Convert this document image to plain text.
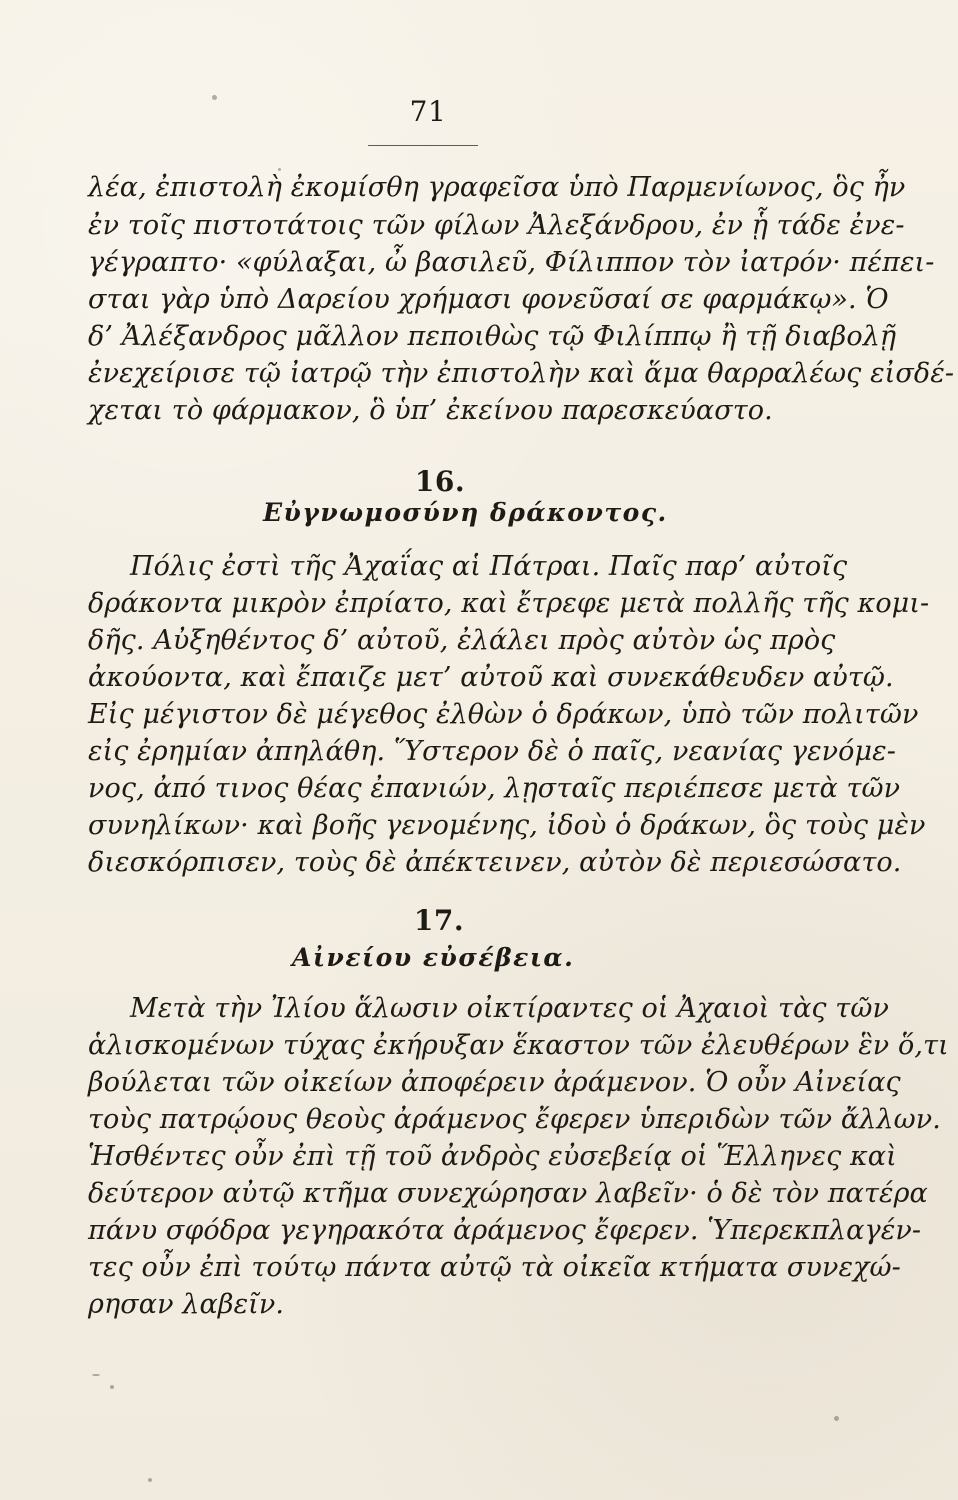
71
λέα, ἐπιστολὴ ἐκομίσθη γραφεῖσα ὑπὸ Παρμενίωνος, ὃς ἦν
ἐν τοῖς πιστοτάτοις τῶν φίλων Ἀλεξάνδρου, ἐν ᾗ τάδε ἐνε-
γέγραπτο· «φύλαξαι, ὦ βασιλεῦ, Φίλιππον τὸν ἰατρόν· πέπει-
σται γὰρ ὑπὸ Δαρείου χρήμασι φονεῦσαί σε φαρμάκῳ». Ὁ
δ’ Ἀλέξανδρος μᾶλλον πεποιθὼς τῷ Φιλίππῳ ἢ τῇ διαβολῇ
ἐνεχείρισε τῷ ἰατρῷ τὴν ἐπιστολὴν καὶ ἅμα θαρραλέως εἰσδέ-
χεται τὸ φάρμακον, ὃ ὑπ’ ἐκείνου παρεσκεύαστο.
16.
Εὐγνωμοσύνη δράκοντος.
Πόλις ἐστὶ τῆς Ἀχαΐας αἱ Πάτραι. Παῖς παρ’ αὐτοῖς
δράκοντα μικρὸν ἐπρίατο, καὶ ἔτρεφε μετὰ πολλῆς τῆς κομι-
δῆς. Αὐξηθέντος δ’ αὐτοῦ, ἐλάλει πρὸς αὐτὸν ὡς πρὸς
ἀκούοντα, καὶ ἔπαιζε μετ’ αὐτοῦ καὶ συνεκάθευδεν αὐτῷ.
Εἰς μέγιστον δὲ μέγεθος ἐλθὼν ὁ δράκων, ὑπὸ τῶν πολιτῶν
εἰς ἐρημίαν ἀπηλάθη. Ὕστερον δὲ ὁ παῖς, νεανίας γενόμε-
νος, ἀπό τινος θέας ἐπανιών, λῃσταῖς περιέπεσε μετὰ τῶν
συνηλίκων· καὶ βοῆς γενομένης, ἰδοὺ ὁ δράκων, ὃς τοὺς μὲν
διεσκόρπισεν, τοὺς δὲ ἀπέκτεινεν, αὐτὸν δὲ περιεσώσατο.
17.
Αἰνείου εὐσέβεια.
Μετὰ τὴν Ἰλίου ἅλωσιν οἰκτίραντες οἱ Ἀχαιοὶ τὰς τῶν
ἁλισκομένων τύχας ἐκήρυξαν ἕκαστον τῶν ἐλευθέρων ἓν ὅ,τι
βούλεται τῶν οἰκείων ἀποφέρειν ἀράμενον. Ὁ οὖν Αἰνείας
τοὺς πατρῴους θεοὺς ἀράμενος ἔφερεν ὑπεριδὼν τῶν ἄλλων.
Ἡσθέντες οὖν ἐπὶ τῇ τοῦ ἀνδρὸς εὐσεβείᾳ οἱ Ἕλληνες καὶ
δεύτερον αὐτῷ κτῆμα συνεχώρησαν λαβεῖν· ὁ δὲ τὸν πατέρα
πάνυ σφόδρα γεγηρακότα ἀράμενος ἔφερεν. Ὑπερεκπλαγέν-
τες οὖν ἐπὶ τούτῳ πάντα αὐτῷ τὰ οἰκεῖα κτήματα συνεχώ-
ρησαν λαβεῖν.
